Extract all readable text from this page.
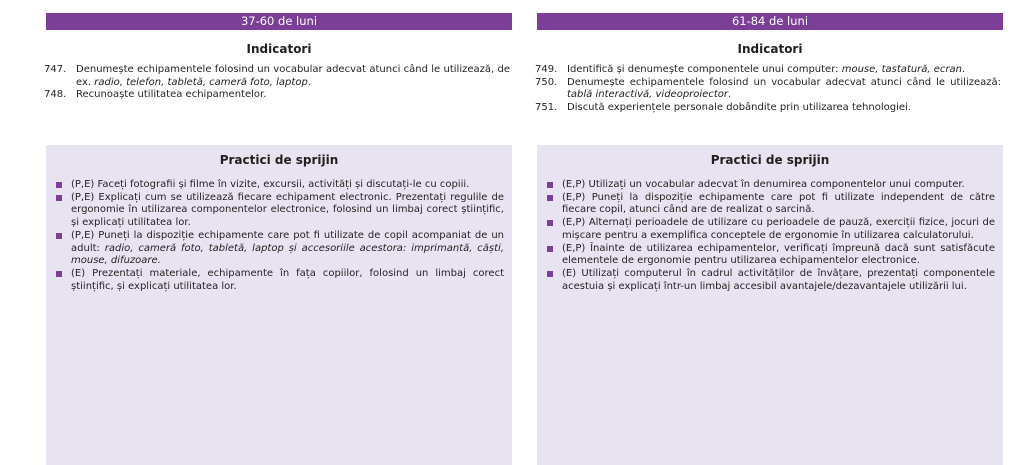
37-60 de luni
Indicatori
747. Denumește echipamentele folosind un vocabular adecvat atunci când le utilizează, de ex. radio, telefon, tabletă, cameră foto, laptop.
748. Recunoaște utilitatea echipamentelor.
Practici de sprijin
(P,E) Faceți fotografii și filme în vizite, excursii, activități și discutați-le cu copiii.
(P,E) Explicați cum se utilizează fiecare echipament electronic. Prezentați regulile de ergonomie în utilizarea componentelor electronice, folosind un limbaj corect științific, și explicați utilitatea lor.
(P,E) Puneți la dispoziție echipamente care pot fi utilizate de copil acompaniat de un adult: radio, cameră foto, tabletă, laptop și accesoriile acestora: imprimantă, căști, mouse, difuzoare.
(E) Prezentați materiale, echipamente în fața copiilor, folosind un limbaj corect științific, și explicați utilitatea lor.
61-84 de luni
Indicatori
749. Identifică și denumește componentele unui computer: mouse, tastatură, ecran.
750. Denumește echipamentele folosind un vocabular adecvat atunci când le utilizează: tablă interactivă, videoproiector.
751. Discută experiențele personale dobândite prin utilizarea tehnologiei.
Practici de sprijin
(E,P) Utilizați un vocabular adecvat în denumirea componentelor unui computer.
(E,P) Puneți la dispoziție echipamente care pot fi utilizate independent de către fiecare copil, atunci când are de realizat o sarcină.
(E,P) Alternați perioadele de utilizare cu perioadele de pauză, exerciții fizice, jocuri de mișcare pentru a exemplifica conceptele de ergonomie în utilizarea calculatorului.
(E,P) Înainte de utilizarea echipamentelor, verificați împreună dacă sunt satisfăcute elementele de ergonomie pentru utilizarea echipamentelor electronice.
(E) Utilizați computerul în cadrul activităților de învățare, prezentați componentele acestuia și explicați într-un limbaj accesibil avantajele/dezavantajele utilizării lui.
